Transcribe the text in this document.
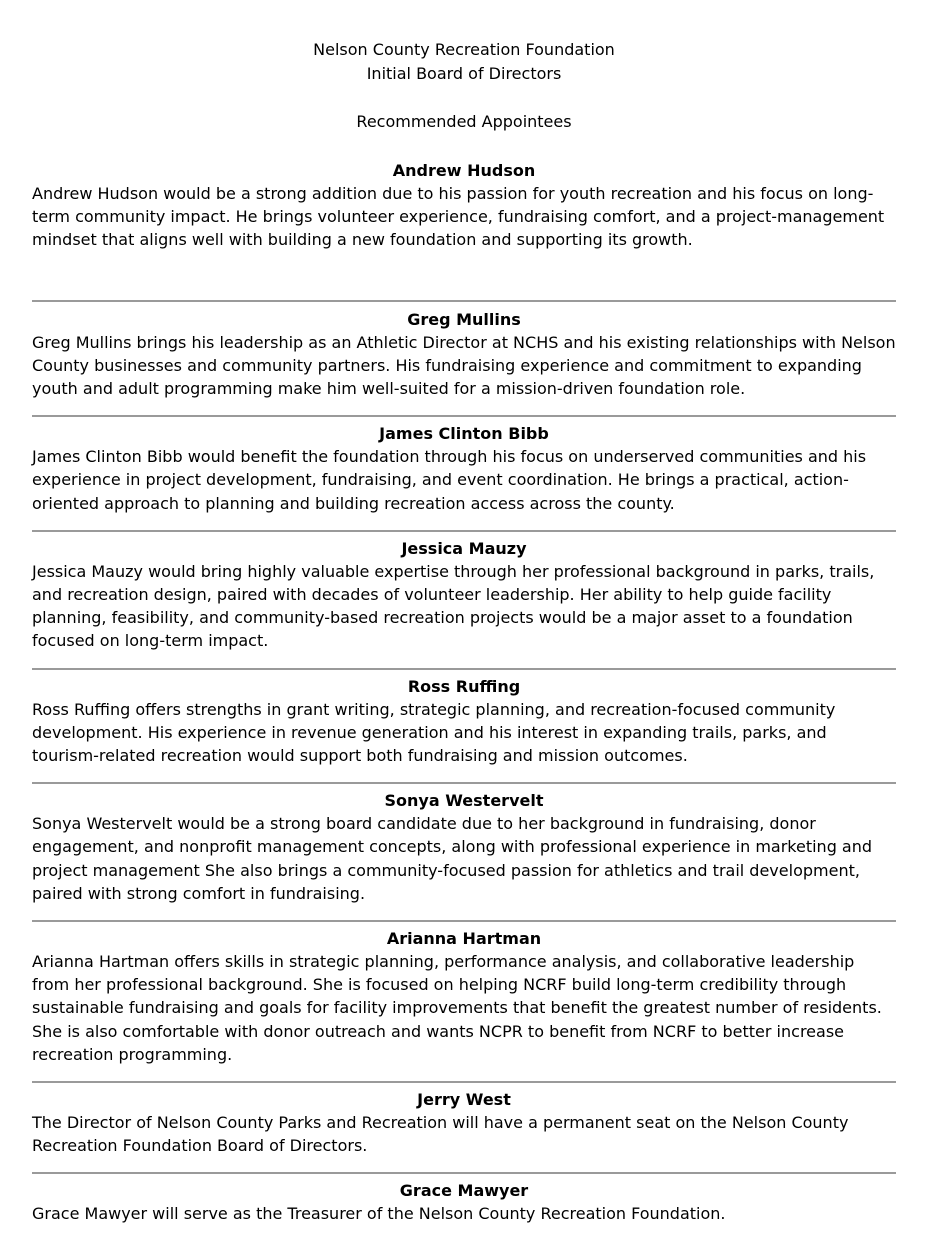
Nelson County Recreation Foundation

Initial Board of Directors

Recommended Appointees

Andrew Hudson

Andrew Hudson would be a strong addition due to his passion for youth recreation and his focus on long-term community impact. He brings volunteer experience, fundraising comfort, and a project-management mindset that aligns well with building a new foundation and supporting its growth.

Greg Mullins

Greg Mullins brings his leadership as an Athletic Director at NCHS and his existing relationships with Nelson County businesses and community partners. His fundraising experience and commitment to expanding youth and adult programming make him well-suited for a mission-driven foundation role.

James Clinton Bibb

James Clinton Bibb would benefit the foundation through his focus on underserved communities and his experience in project development, fundraising, and event coordination. He brings a practical, action-oriented approach to planning and building recreation access across the county.

Jessica Mauzy

Jessica Mauzy would bring highly valuable expertise through her professional background in parks, trails, and recreation design, paired with decades of volunteer leadership. Her ability to help guide facility planning, feasibility, and community-based recreation projects would be a major asset to a foundation focused on long-term impact.

Ross Ruffing

Ross Ruffing offers strengths in grant writing, strategic planning, and recreation-focused community development. His experience in revenue generation and his interest in expanding trails, parks, and tourism-related recreation would support both fundraising and mission outcomes.

Sonya Westervelt

Sonya Westervelt would be a strong board candidate due to her background in fundraising, donor engagement, and nonprofit management concepts, along with professional experience in marketing and project management She also brings a community-focused passion for athletics and trail development, paired with strong comfort in fundraising.

Arianna Hartman

Arianna Hartman offers skills in strategic planning, performance analysis, and collaborative leadership from her professional background. She is focused on helping NCRF build long-term credibility through sustainable fundraising and goals for facility improvements that benefit the greatest number of residents. She is also comfortable with donor outreach and wants NCPR to benefit from NCRF to better increase recreation programming.

Jerry West

The Director of Nelson County Parks and Recreation will have a permanent seat on the Nelson County Recreation Foundation Board of Directors.

Grace Mawyer

Grace Mawyer will serve as the Treasurer of the Nelson County Recreation Foundation.
